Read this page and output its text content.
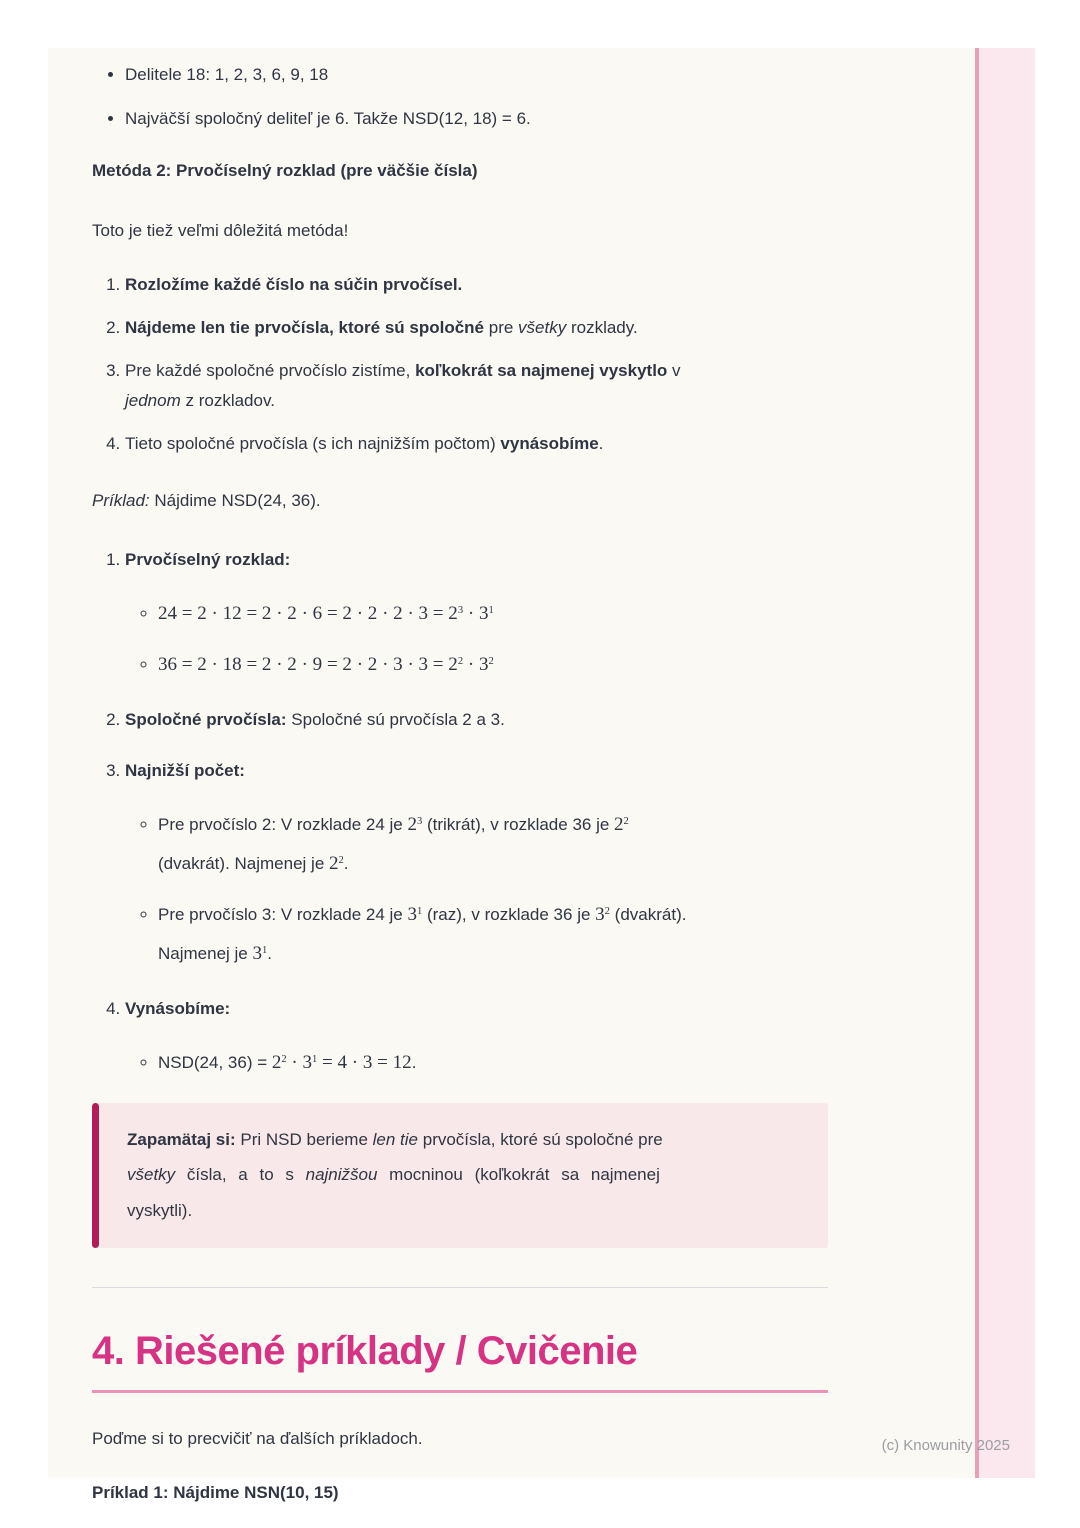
• Delitele 18: 1, 2, 3, 6, 9, 18
• Najväčší spoločný deliteľ je 6. Takže NSD(12, 18) = 6.

Metóda 2: Prvočíselný rozklad (pre väčšie čísla)

Toto je tiež veľmi dôležitá metóda!

1. Rozložíme každé číslo na súčin prvočísel.
2. Nájdeme len tie prvočísla, ktoré sú spoločné pre všetky rozklady.
3. Pre každé spoločné prvočíslo zistíme, koľkokrát sa najmenej vyskytlo v
jednom z rozkladov.
4. Tieto spoločné prvočísla (s ich najnižším počtom) vynásobíme.

Príklad: Nájdime NSD(24, 36).

1. Prvočíselný rozklad:
◦ $24 = 2 \cdot 12 = 2 \cdot 2 \cdot 6 = 2 \cdot 2 \cdot 2 \cdot 3 = 2^3 \cdot 3^1$
◦ $36 = 2 \cdot 18 = 2 \cdot 2 \cdot 9 = 2 \cdot 2 \cdot 3 \cdot 3 = 2^2 \cdot 3^2$
2. Spoločné prvočísla: Spoločné sú prvočísla 2 a 3.
3. Najnižší počet:
◦ Pre prvočíslo 2: V rozklade 24 je $2^3$ (trikrát), v rozklade 36 je $2^2$
(dvakrát). Najmenej je $2^2$.
◦ Pre prvočíslo 3: V rozklade 24 je $3^1$ (raz), v rozklade 36 je $3^2$ (dvakrát).
Najmenej je $3^1$.
4. Vynásobíme:
◦ NSD(24, $36) = 2^2 \cdot 3^1 = 4 \cdot 3 = 12$.

Zapamätaj si: Pri NSD berieme len tie prvočísla, ktoré sú spoločné pre
všetky čísla, a to s najnižšou mocninou (koľkokrát sa najmenej
vyskytli).

4. Riešené príklady / Cvičenie

Poďme si to precvičiť na ďalších príkladoch.

Príklad 1: Nájdime NSN(10, 15)

(c) Knowunity 2025
